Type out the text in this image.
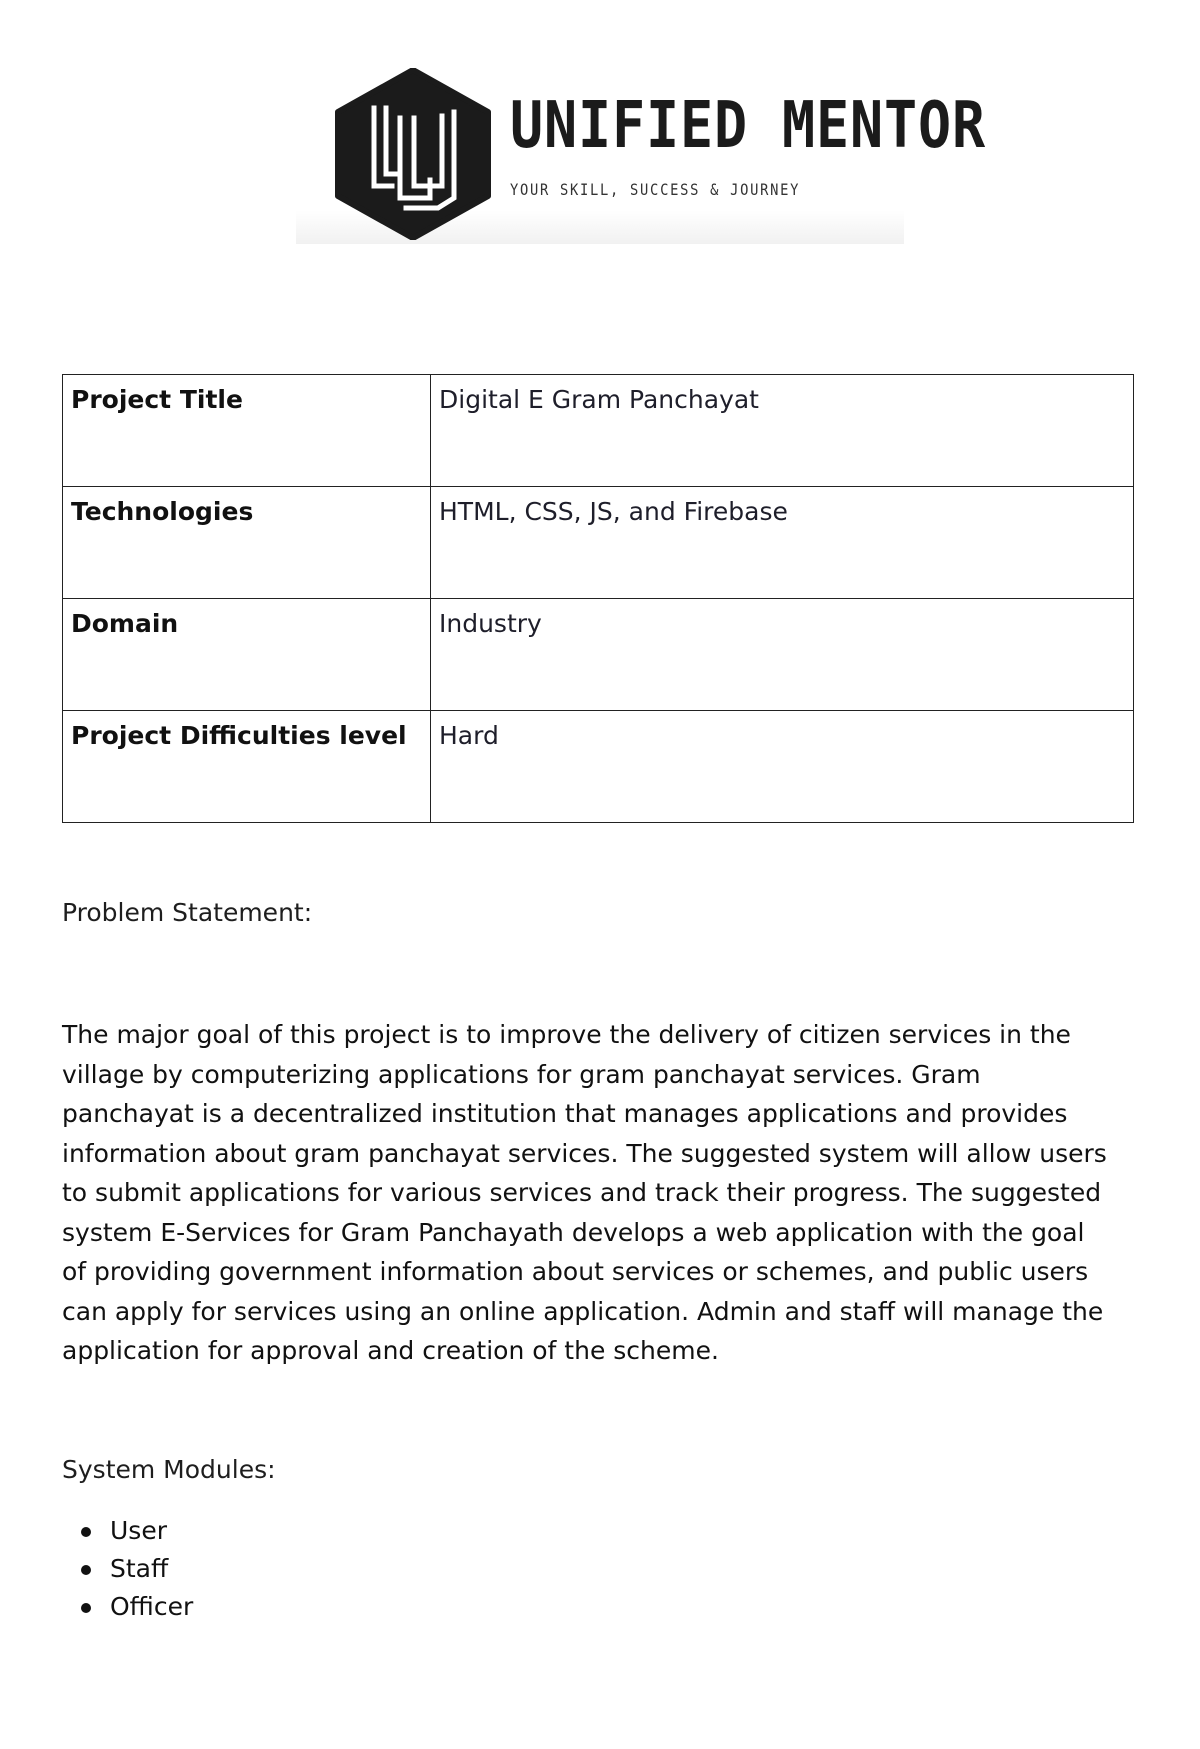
UNIFIED MENTOR
YOUR SKILL, SUCCESS & JOURNEY
Project Title	Digital E Gram Panchayat
Technologies	HTML, CSS, JS, and Firebase
Domain	Industry
Project Difficulties level	Hard
Problem Statement:
The major goal of this project is to improve the delivery of citizen services in the
village by computerizing applications for gram panchayat services. Gram
panchayat is a decentralized institution that manages applications and provides
information about gram panchayat services. The suggested system will allow users
to submit applications for various services and track their progress. The suggested
system E-Services for Gram Panchayath develops a web application with the goal
of providing government information about services or schemes, and public users
can apply for services using an online application. Admin and staff will manage the
application for approval and creation of the scheme.
System Modules:
User
Staff
Officer
